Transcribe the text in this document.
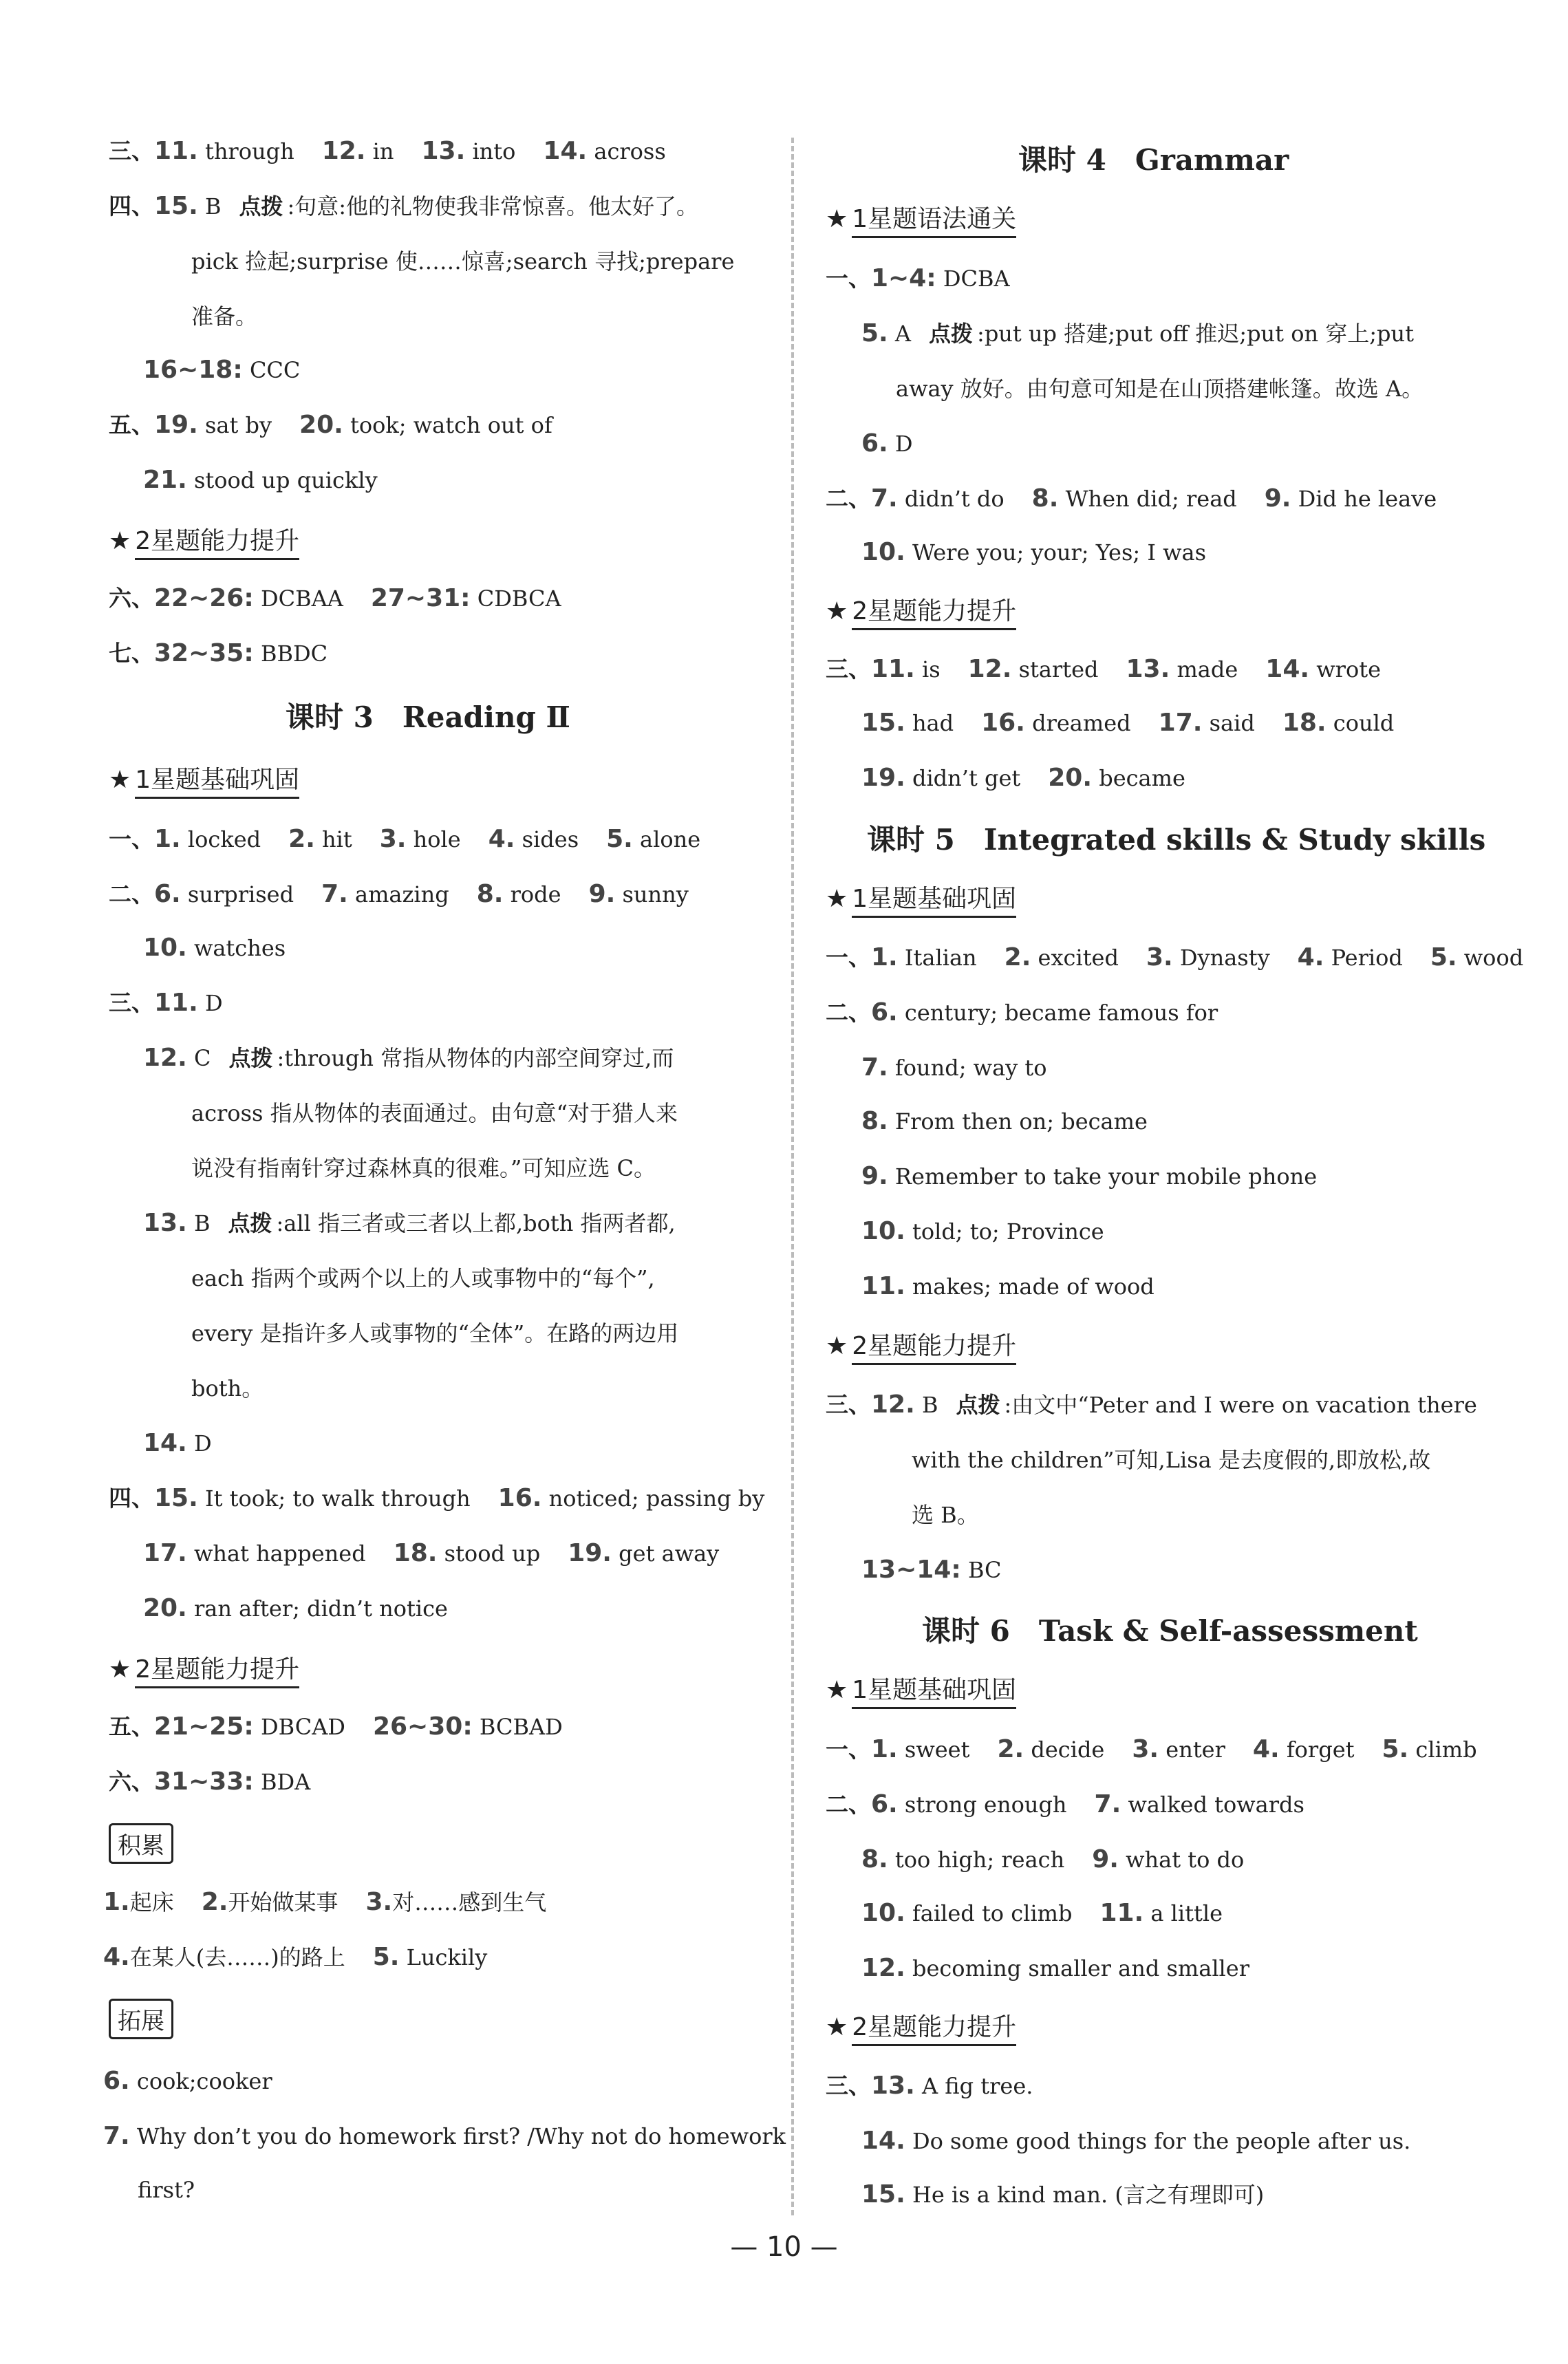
三、11. through 12. in 13. into 14. across
四、15. B 点拨 :句意:他的礼物使我非常惊喜。他太好了。
pick 捡起;surprise 使……惊喜;search 寻找;prepare
准备。
16~18: CCC
五、19. sat by 20. took; watch out of
21. stood up quickly
★ 2星题能力提升
六、22~26: DCBAA 27~31: CDBCA
七、32~35: BBDC
课时 3　Reading Ⅱ
★ 1星题基础巩固
一、1. locked 2. hit 3. hole 4. sides 5. alone
二、6. surprised 7. amazing 8. rode 9. sunny
10. watches
三、11. D
12. C 点拨 :through 常指从物体的内部空间穿过,而
across 指从物体的表面通过。由句意“对于猎人来
说没有指南针穿过森林真的很难。”可知应选 C。
13. B 点拨 :all 指三者或三者以上都,both 指两者都,
each 指两个或两个以上的人或事物中的“每个”,
every 是指许多人或事物的“全体”。在路的两边用
both。
14. D
四、15. It took; to walk through 16. noticed; passing by
17. what happened 18. stood up 19. get away
20. ran after; didn’t notice
★ 2星题能力提升
五、21~25: DBCAD 26~30: BCBAD
六、31~33: BDA
积累
1.起床 2.开始做某事 3.对……感到生气
4.在某人(去……)的路上 5. Luckily
拓展
6. cook;cooker
7. Why don’t you do homework first? /Why not do homework
first?
课时 4　Grammar
★ 1星题语法通关
一、1~4: DCBA
5. A 点拨 :put up 搭建;put off 推迟;put on 穿上;put
away 放好。由句意可知是在山顶搭建帐篷。故选 A。
6. D
二、7. didn’t do 8. When did; read 9. Did he leave
10. Were you; your; Yes; I was
★ 2星题能力提升
三、11. is 12. started 13. made 14. wrote
15. had 16. dreamed 17. said 18. could
19. didn’t get 20. became
课时 5　Integrated skills & Study skills
★ 1星题基础巩固
一、1. Italian 2. excited 3. Dynasty 4. Period 5. wood
二、6. century; became famous for
7. found; way to
8. From then on; became
9. Remember to take your mobile phone
10. told; to; Province
11. makes; made of wood
★ 2星题能力提升
三、12. B 点拨 :由文中“Peter and I were on vacation there
with the children”可知,Lisa 是去度假的,即放松,故
选 B。
13~14: BC
课时 6　Task & Self-assessment
★ 1星题基础巩固
一、1. sweet 2. decide 3. enter 4. forget 5. climb
二、6. strong enough 7. walked towards
8. too high; reach 9. what to do
10. failed to climb 11. a little
12. becoming smaller and smaller
★ 2星题能力提升
三、13. A fig tree.
14. Do some good things for the people after us.
15. He is a kind man. (言之有理即可)
— 10 —
